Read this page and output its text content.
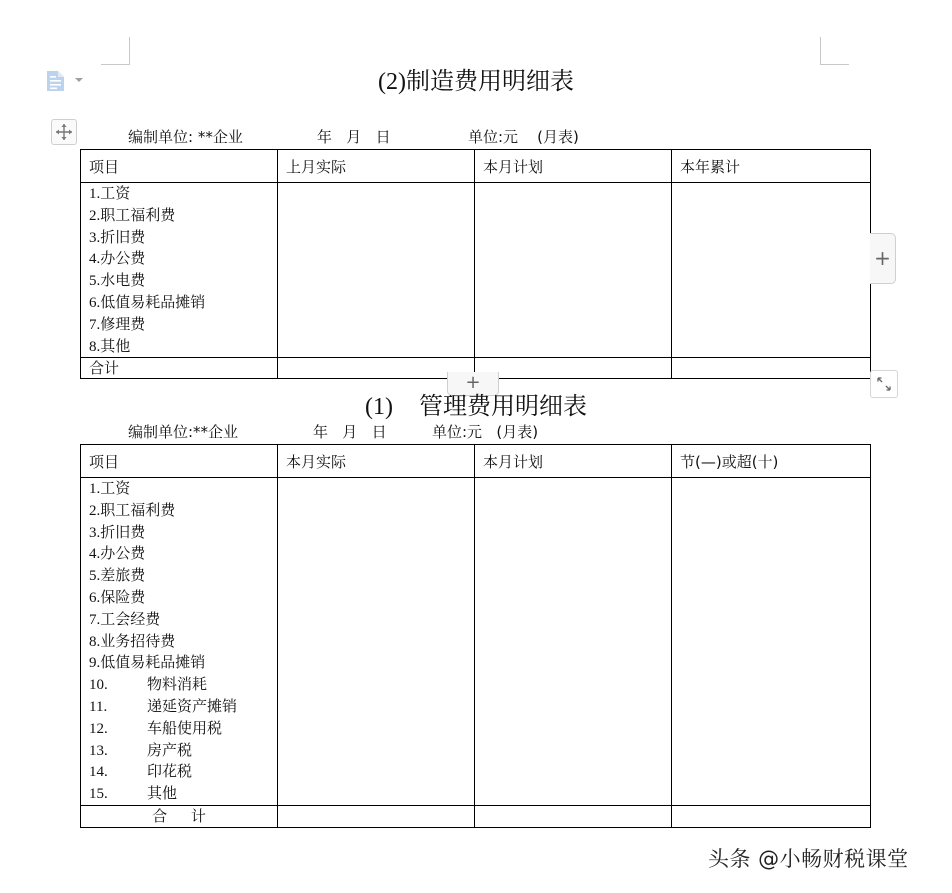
(2)制造费用明细表
编制单位: **企业	年   月   日	单位:元    (月表)
项目	上月实际	本月计划	本年累计

1.工资
2.职工福利费
3.折旧费
4.办公费
5.水电费
6.低值易耗品摊销
7.修理费
8.其他

合计			
+
+
(1) 管理费用明细表
编制单位:**企业	年   月   日	单位:元   (月表)
项目	本月实际	本月计划	节(—)或超(十)

1.工资
2.职工福利费
3.折旧费
4.办公费
5.差旅费
6.保险费
7.工会经费
8.业务招待费
9.低值易耗品摊销
10.	物料消耗
11.	递延资产摊销
12.	车船使用税
13.	房产税
14.	印花税
15.	其他

合     计			
头条 @小畅财税课堂
